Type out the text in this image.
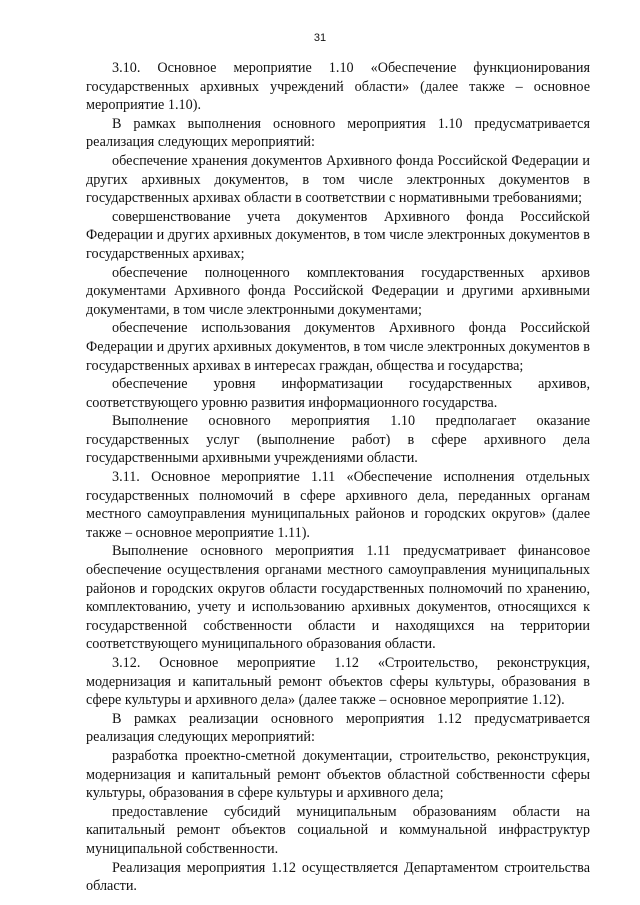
31

3.10. Основное мероприятие 1.10 «Обеспечение функционирования государственных архивных учреждений области» (далее также – основное мероприятие 1.10).

В рамках выполнения основного мероприятия 1.10 предусматривается реализация следующих мероприятий:

обеспечение хранения документов Архивного фонда Российской Федерации и других архивных документов, в том числе электронных документов в государственных архивах области в соответствии с нормативными требованиями;

совершенствование учета документов Архивного фонда Российской Федерации и других архивных документов, в том числе электронных документов в государственных архивах;

обеспечение полноценного комплектования государственных архивов документами Архивного фонда Российской Федерации и другими архивными документами, в том числе электронными документами;

обеспечение использования документов Архивного фонда Российской Федерации и других архивных документов, в том числе электронных документов в государственных архивах в интересах граждан, общества и государства;

обеспечение уровня информатизации государственных архивов, соответствующего уровню развития информационного государства.

Выполнение основного мероприятия 1.10 предполагает оказание государственных услуг (выполнение работ) в сфере архивного дела государственными архивными учреждениями области.

3.11. Основное мероприятие 1.11 «Обеспечение исполнения отдельных государственных полномочий в сфере архивного дела, переданных органам местного самоуправления муниципальных районов и городских округов» (далее также – основное мероприятие 1.11).

Выполнение основного мероприятия 1.11 предусматривает финансовое обеспечение осуществления органами местного самоуправления муниципальных районов и городских округов области государственных полномочий по хранению, комплектованию, учету и использованию архивных документов, относящихся к государственной собственности области и находящихся на территории соответствующего муниципального образования области.

3.12. Основное мероприятие 1.12 «Строительство, реконструкция, модернизация и капитальный ремонт объектов сферы культуры, образования в сфере культуры и архивного дела» (далее также – основное мероприятие 1.12).

В рамках реализации основного мероприятия 1.12 предусматривается реализация следующих мероприятий:

разработка проектно-сметной документации, строительство, реконструкция, модернизация и капитальный ремонт объектов областной собственности сферы культуры, образования в сфере культуры и архивного дела;

предоставление субсидий муниципальным образованиям области на капитальный ремонт объектов социальной и коммунальной инфраструктур муниципальной собственности.

Реализация мероприятия 1.12 осуществляется Департаментом строительства области.
